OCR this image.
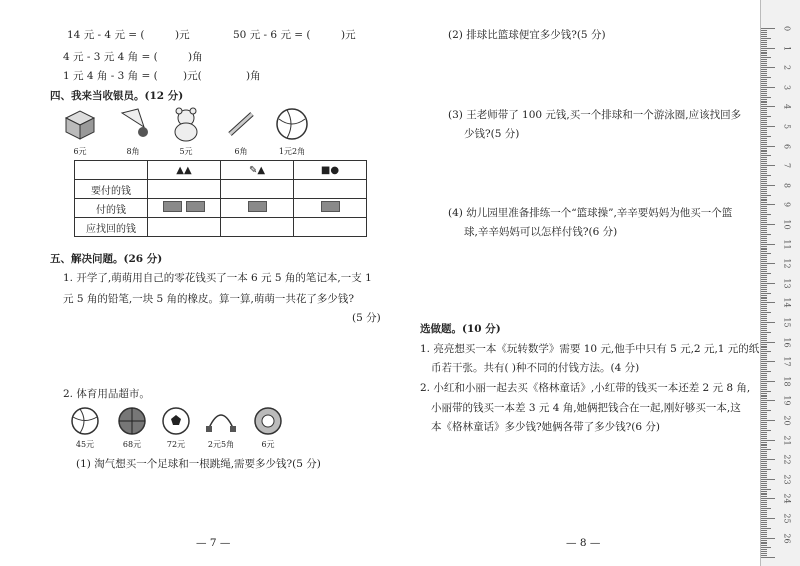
14 元 - 4 元 = (	)元	50 元 - 6 元 = (	)元
4 元 - 3 元 4 角 = (	)角
1 元 4 角 - 3 角 = ( )元(	)角
四、我来当收银员。(12 分)
6元	8角	5元	6角	1元2角
	▲▲	✎▲	■●
要付的钱			
付的钱			
应找回的钱			
五、解决问题。(26 分)
1. 开学了,萌萌用自己的零花钱买了一本 6 元 5 角的笔记本,一支 1
元 5 角的铅笔,一块 5 角的橡皮。算一算,萌萌一共花了多少钱?
(5 分)
2. 体育用品超市。
45元	68元	72元	2元5角	6元
(1) 淘气想买一个足球和一根跳绳,需要多少钱?(5 分)
— 7 —
(2) 排球比篮球便宜多少钱?(5 分)
(3) 王老师带了 100 元钱,买一个排球和一个游泳圈,应该找回多
少钱?(5 分)
(4) 幼儿园里准备排练一个“篮球操”,辛辛要妈妈为他买一个篮
球,辛辛妈妈可以怎样付钱?(6 分)
选做题。(10 分)
1. 亮亮想买一本《玩转数学》需要 10 元,他手中只有 5 元,2 元,1 元的纸
币若干张。共有( )种不同的付钱方法。(4 分)
2. 小红和小丽一起去买《格林童话》,小红带的钱买一本还差 2 元 8 角,
小丽带的钱买一本差 3 元 4 角,她俩把钱合在一起,刚好够买一本,这
本《格林童话》多少钱?她俩各带了多少钱?(6 分)
— 8 —
0
1
2
3
4
5
6
7
8
9
10
11
12
13
14
15
16
17
18
19
20
21
22
23
24
25
26
